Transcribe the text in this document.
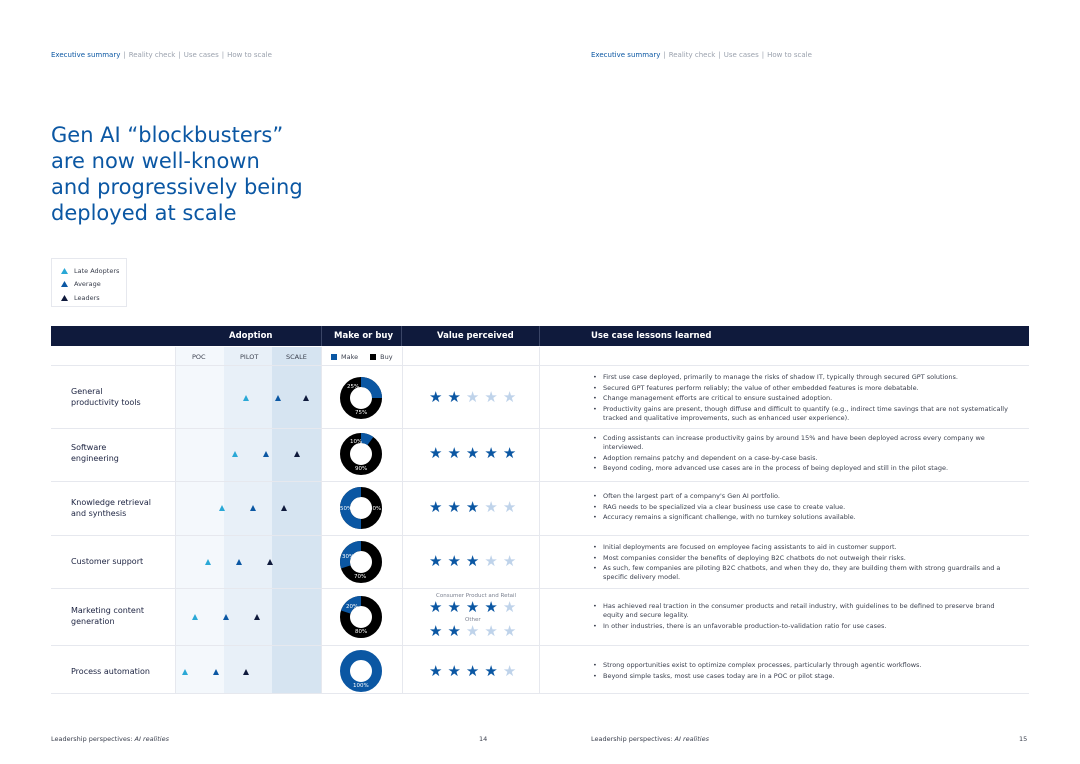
Executive summary | Reality check | Use cases | How to scale	Executive summary | Reality check | Use cases | How to scale
Gen AI “blockbusters”
are now well-known
and progressively being
deployed at scale
Late Adopters
Average
Leaders
Adoption	Make or buy	Value perceived	Use case lessons learned
POC	PILOT	SCALE	Make	Buy
General
productivity tools
25%
75%
★★★★★
• First use case deployed, primarily to manage the risks of shadow IT, typically through secured GPT solutions.
• Secured GPT features perform reliably; the value of other embedded features is more debatable.
• Change management efforts are critical to ensure sustained adoption.
• Productivity gains are present, though diffuse and difficult to quantify (e.g., indirect time savings that are not systematically tracked and qualitative improvements, such as enhanced user experience).
Software
engineering
10%
90%
★★★★★
• Coding assistants can increase productivity gains by around 15% and have been deployed across every company we interviewed.
• Adoption remains patchy and dependent on a case-by-case basis.
• Beyond coding, more advanced use cases are in the process of being deployed and still in the pilot stage.
Knowledge retrieval
and synthesis	50%	50%	★★★★★
• Often the largest part of a company's Gen AI portfolio.
• RAG needs to be specialized via a clear business use case to create value.
• Accuracy remains a significant challenge, with no turnkey solutions available.
Customer support	30%
70%
★★★★★
• Initial deployments are focused on employee facing assistants to aid in customer support.
• Most companies consider the benefits of deploying B2C chatbots do not outweigh their risks.
• As such, few companies are piloting B2C chatbots, and when they do, they are building them with strong guardrails and a specific delivery model.
Marketing content
generation
20%
80%
Consumer Product and Retail
★★★★★
Other
★★★★★
• Has achieved real traction in the consumer products and retail industry, with guidelines to be defined to preserve brand equity and secure legality.
• In other industries, there is an unfavorable production-to-validation ratio for use cases.
Process automation
100%
★★★★★
•	Strong opportunities exist to optimize complex processes, particularly through agentic workflows.
• Beyond simple tasks, most use cases today are in a POC or pilot stage.
Leadership perspectives: AI realities	14	Leadership perspectives: AI realities	15
